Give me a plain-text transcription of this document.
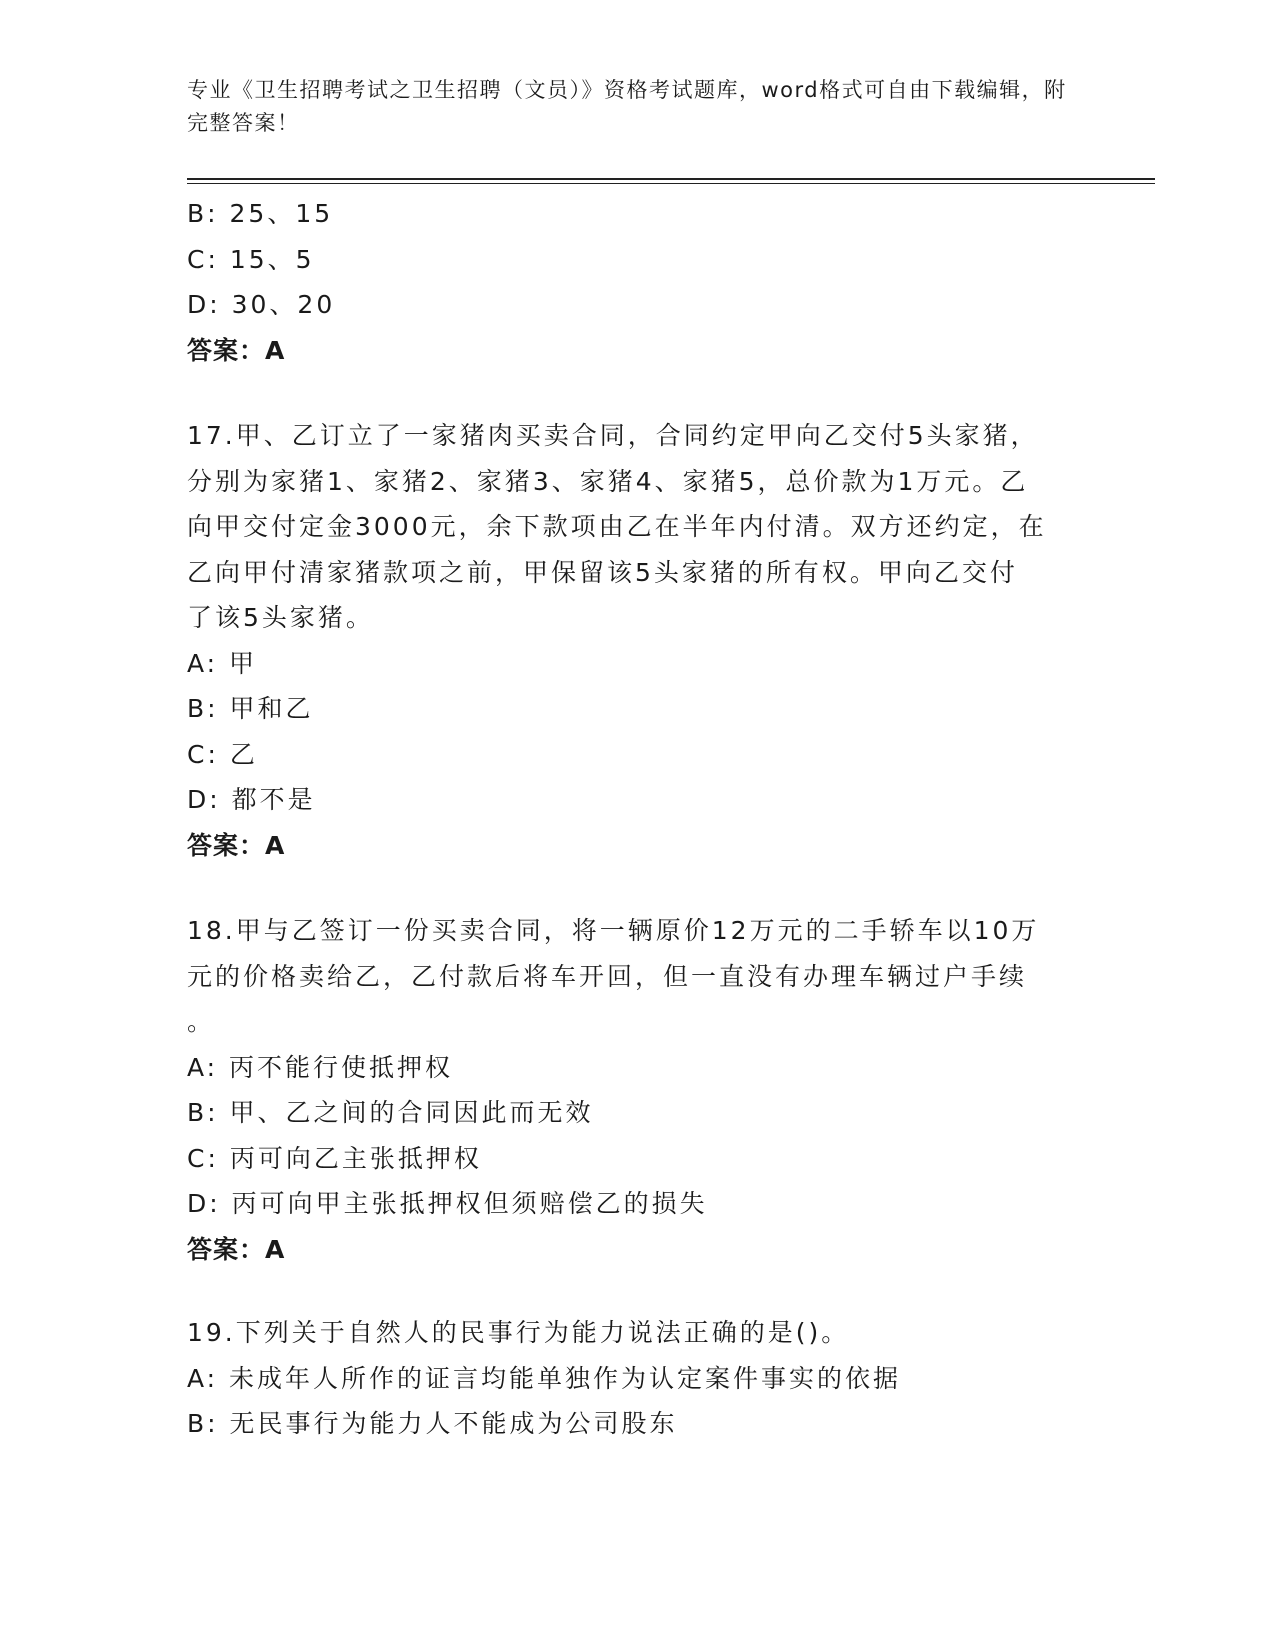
专业《卫生招聘考试之卫生招聘（文员）》资格考试题库，word格式可自由下载编辑，附完整答案！
B: 25、15
C: 15、5
D: 30、20
答案：A
17.甲、乙订立了一家猪肉买卖合同，合同约定甲向乙交付5头家猪，
分别为家猪1、家猪2、家猪3、家猪4、家猪5，总价款为1万元。乙
向甲交付定金3000元，余下款项由乙在半年内付清。双方还约定，在
乙向甲付清家猪款项之前，甲保留该5头家猪的所有权。甲向乙交付
了该5头家猪。
A: 甲
B: 甲和乙
C: 乙
D: 都不是
答案：A
18.甲与乙签订一份买卖合同，将一辆原价12万元的二手轿车以10万
元的价格卖给乙，乙付款后将车开回，但一直没有办理车辆过户手续
。
A: 丙不能行使抵押权
B: 甲、乙之间的合同因此而无效
C: 丙可向乙主张抵押权
D: 丙可向甲主张抵押权但须赔偿乙的损失
答案：A
19.下列关于自然人的民事行为能力说法正确的是()。
A: 未成年人所作的证言均能单独作为认定案件事实的依据
B: 无民事行为能力人不能成为公司股东
